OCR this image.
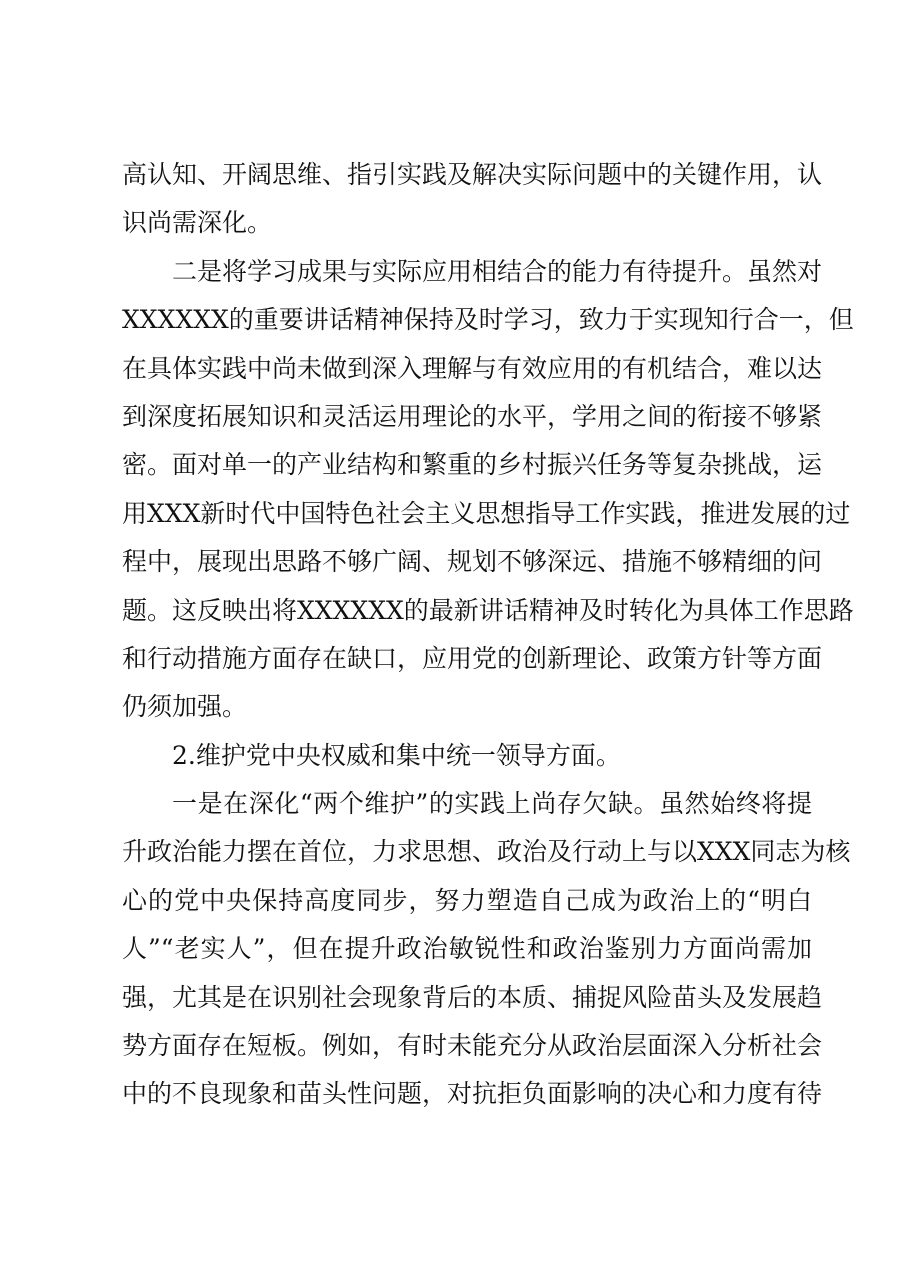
高认知、开阔思维、指引实践及解决实际问题中的关键作用，认
识尚需深化。
二是将学习成果与实际应用相结合的能力有待提升。虽然对
XXXXXX的重要讲话精神保持及时学习，致力于实现知行合一，但
在具体实践中尚未做到深入理解与有效应用的有机结合，难以达
到深度拓展知识和灵活运用理论的水平，学用之间的衔接不够紧
密。面对单一的产业结构和繁重的乡村振兴任务等复杂挑战，运
用XXX新时代中国特色社会主义思想指导工作实践，推进发展的过
程中，展现出思路不够广阔、规划不够深远、措施不够精细的问
题。这反映出将XXXXXX的最新讲话精神及时转化为具体工作思路
和行动措施方面存在缺口，应用党的创新理论、政策方针等方面
仍须加强。
2.维护党中央权威和集中统一领导方面。
一是在深化“两个维护”的实践上尚存欠缺。虽然始终将提
升政治能力摆在首位，力求思想、政治及行动上与以XXX同志为核
心的党中央保持高度同步，努力塑造自己成为政治上的“明白
人”“老实人”，但在提升政治敏锐性和政治鉴别力方面尚需加
强，尤其是在识别社会现象背后的本质、捕捉风险苗头及发展趋
势方面存在短板。例如，有时未能充分从政治层面深入分析社会
中的不良现象和苗头性问题，对抗拒负面影响的决心和力度有待
